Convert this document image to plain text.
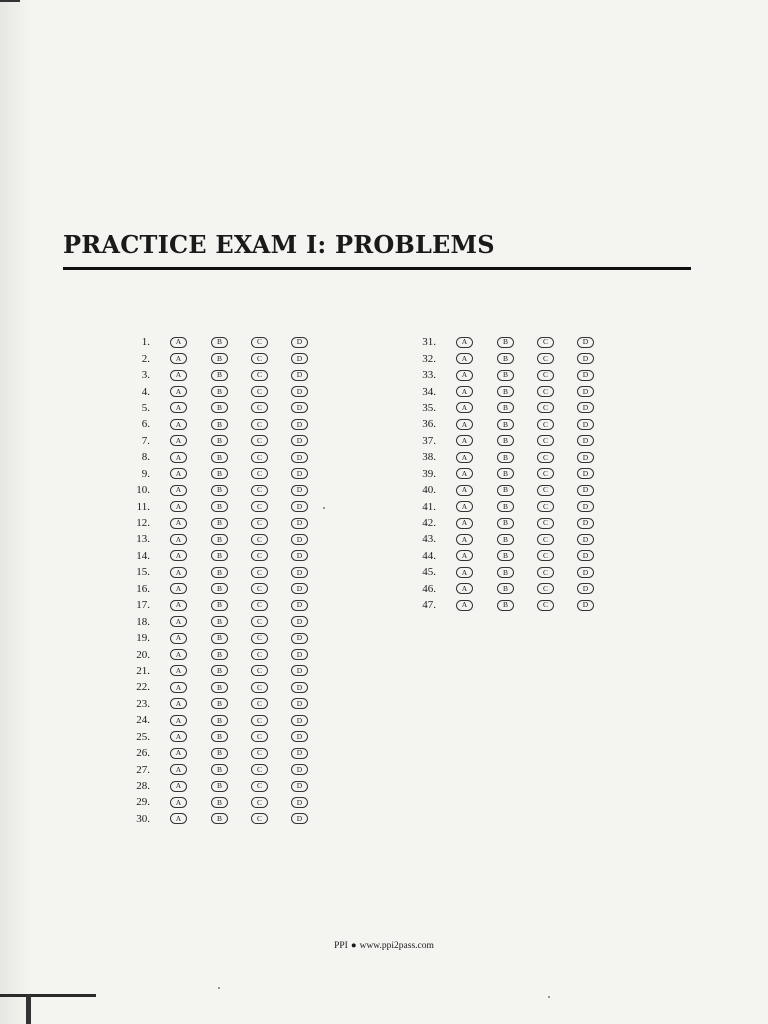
PRACTICE EXAM I: PROBLEMS
1.	A	B	C	D
2.	A	B	C	D
3.	A	B	C	D
4.	A	B	C	D
5.	A	B	C	D
6.	A	B	C	D
7.	A	B	C	D
8.	A	B	C	D
9.	A	B	C	D
10.	A	B	C	D
11.	A	B	C	D
12.	A	B	C	D
13.	A	B	C	D
14.	A	B	C	D
15.	A	B	C	D
16.	A	B	C	D
17.	A	B	C	D
18.	A	B	C	D
19.	A	B	C	D
20.	A	B	C	D
21.	A	B	C	D
22.	A	B	C	D
23.	A	B	C	D
24.	A	B	C	D
25.	A	B	C	D
26.	A	B	C	D
27.	A	B	C	D
28.	A	B	C	D
29.	A	B	C	D
30.	A	B	C	D
31.	A	B	C	D
32.	A	B	C	D
33.	A	B	C	D
34.	A	B	C	D
35.	A	B	C	D
36.	A	B	C	D
37.	A	B	C	D
38.	A	B	C	D
39.	A	B	C	D
40.	A	B	C	D
41.	A	B	C	D
42.	A	B	C	D
43.	A	B	C	D
44.	A	B	C	D
45.	A	B	C	D
46.	A	B	C	D
47.	A	B	C	D
PPI ● www.ppi2pass.com
